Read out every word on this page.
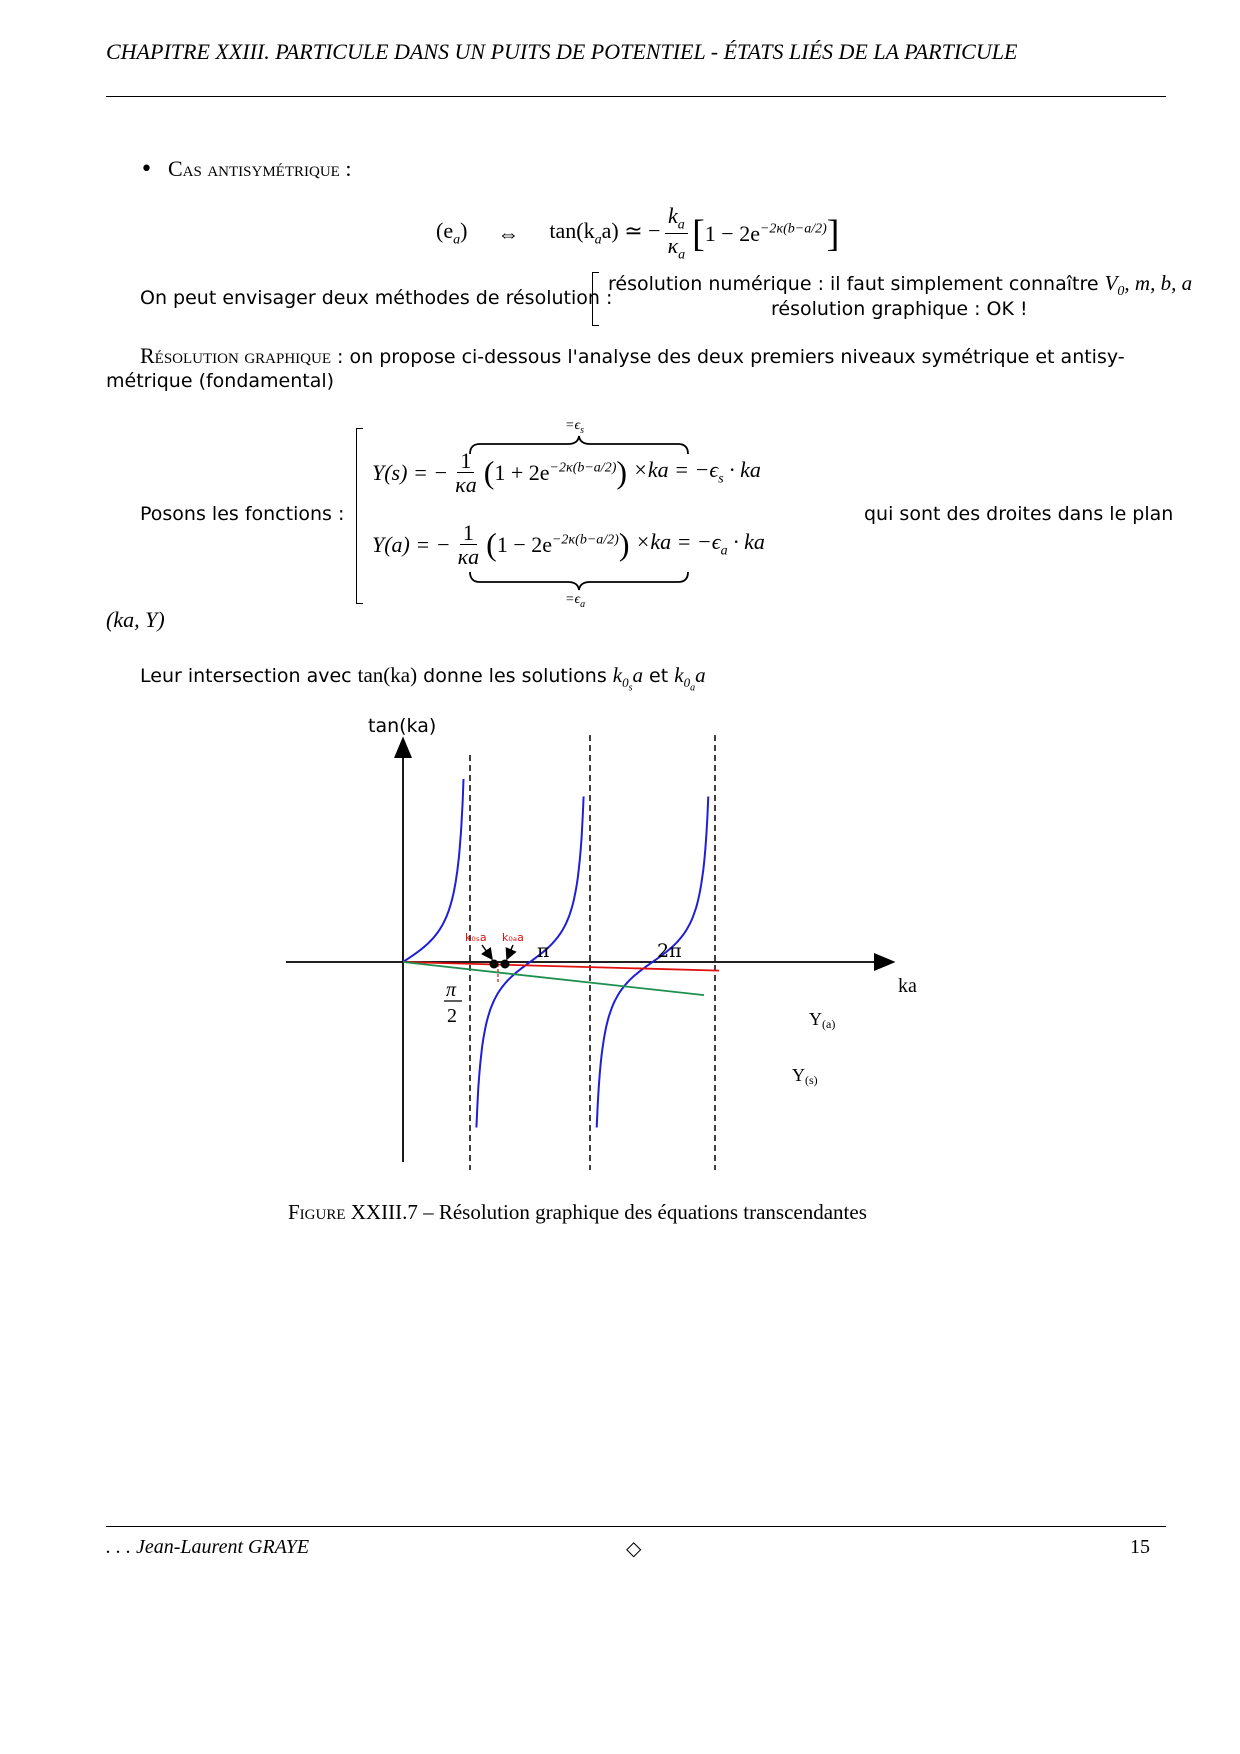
CHAPITRE XXIII. PARTICULE DANS UN PUITS DE POTENTIEL - ÉTATS LIÉS DE LA PARTICULE
• Cas antisymétrique :
$(e_a)$ ⇔ $\tan(k_aa)$ ≃ − $\frac{k_a}{\kappa_a}$ [ $1 - 2e^{-2\kappa(b-a/2)}$ ]
On peut envisager deux méthodes de résolution :
résolution numérique : il faut simplement connaître $V_0$, m, b, a
résolution graphique : OK !
Résolution graphique : on propose ci-dessous l'analyse des deux premiers niveaux symétrique et antisy-
métrique (fondamental)
Posons les fonctions :
Y(s) = − $\frac{1}{\kappa a}$ ( $1 + 2e^{-2\kappa(b-a/2)}$ ) $\times ka = -\epsilon_s$ · ka
$=\epsilon_s$
Y(a) = − $\frac{1}{\kappa a}$ ( $1 - 2e^{-2\kappa(b-a/2)}$ ) $\times ka = -\epsilon_a$ · ka
$=\epsilon_a$
qui sont des droites dans le plan
(ka, Y)
Leur intersection avec tan(ka) donne les solutions $k_{0_s}a$ et $k_{0_a}a$
tan(ka)
ka
k₀ₛa k₀ₐa
π
2
π	2π
Y(a)
Y(s)
Figure XXIII.7 – Résolution graphique des équations transcendantes
. . . Jean-Laurent GRAYE	◇	15
